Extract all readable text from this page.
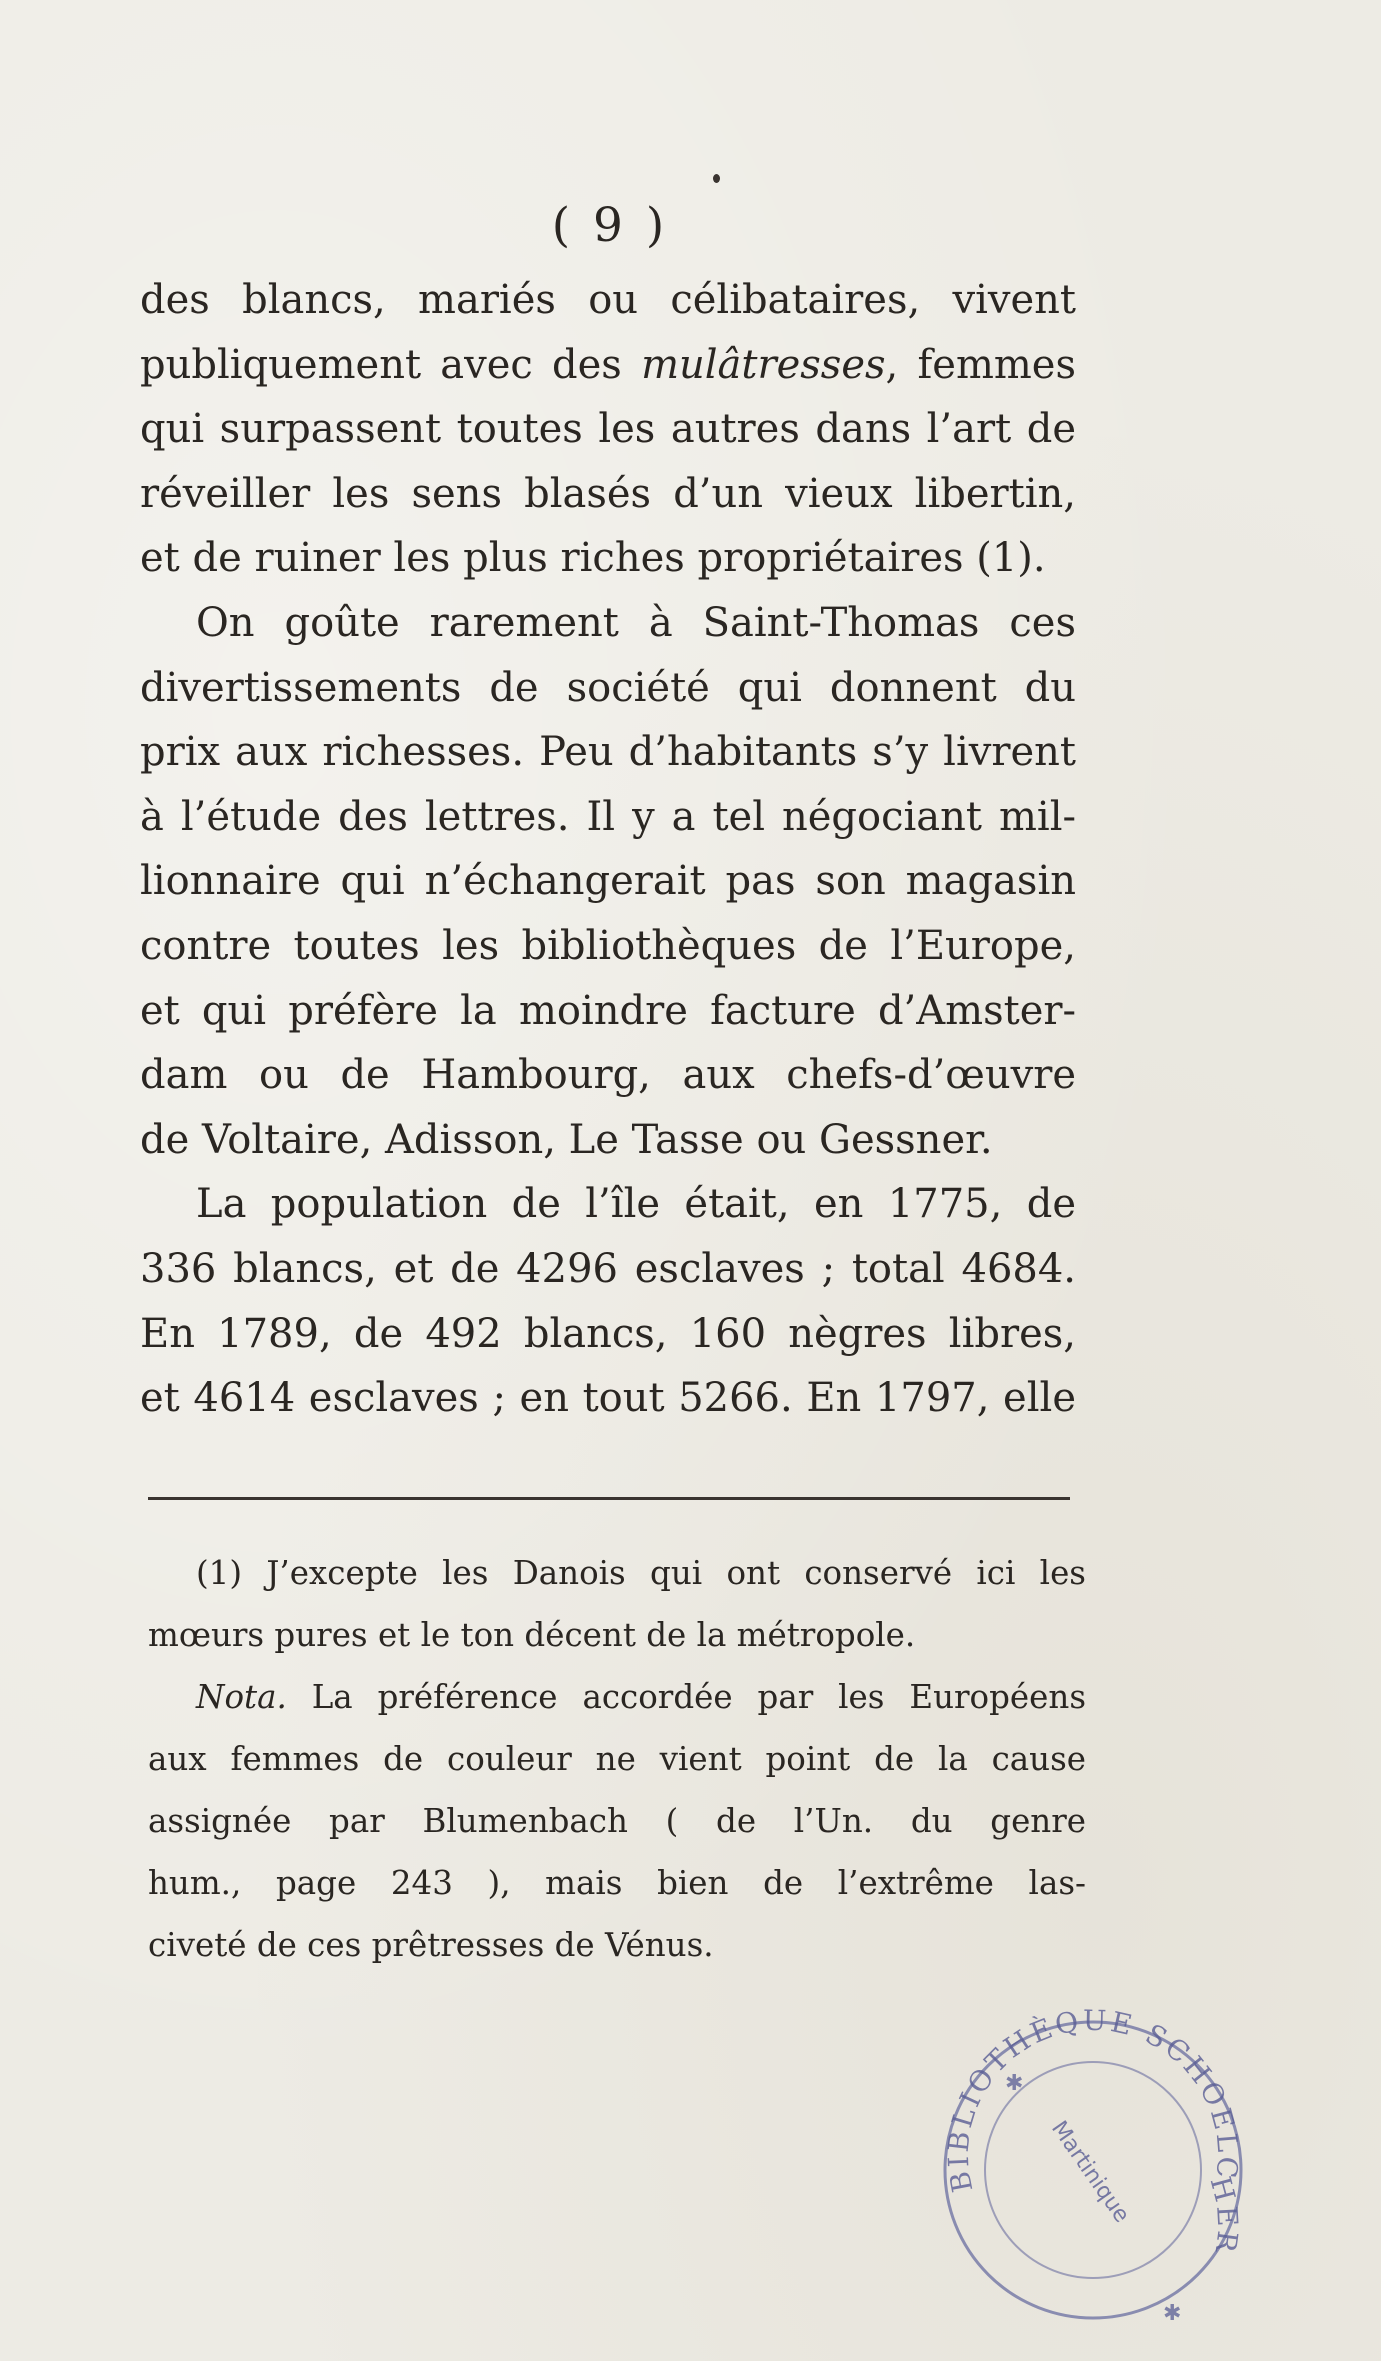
( 9 )
des blancs, mariés ou célibataires, vivent
publiquement avec des mulâtresses, femmes
qui surpassent toutes les autres dans l’art de
réveiller les sens blasés d’un vieux libertin,
et de ruiner les plus riches propriétaires (1).
On goûte rarement à Saint-Thomas ces
divertissements de société qui donnent du
prix aux richesses. Peu d’habitants s’y livrent
à l’étude des lettres. Il y a tel négociant mil-
lionnaire qui n’échangerait pas son magasin
contre toutes les bibliothèques de l’Europe,
et qui préfère la moindre facture d’Amster-
dam ou de Hambourg, aux chefs-d’œuvre
de Voltaire, Adisson, Le Tasse ou Gessner.
La population de l’île était, en 1775, de
336 blancs, et de 4296 esclaves ; total 4684.
En 1789, de 492 blancs, 160 nègres libres,
et 4614 esclaves ; en tout 5266. En 1797, elle
(1) J’excepte les Danois qui ont conservé ici les
mœurs pures et le ton décent de la métropole.
Nota. La préférence accordée par les Européens
aux femmes de couleur ne vient point de la cause
assignée par Blumenbach ( de l’Un. du genre
hum., page 243 ), mais bien de l’extrême las-
civeté de ces prêtresses de Vénus.
BIBLIOTHÈQUE SCHOELCHER
Martinique
✱
✱
